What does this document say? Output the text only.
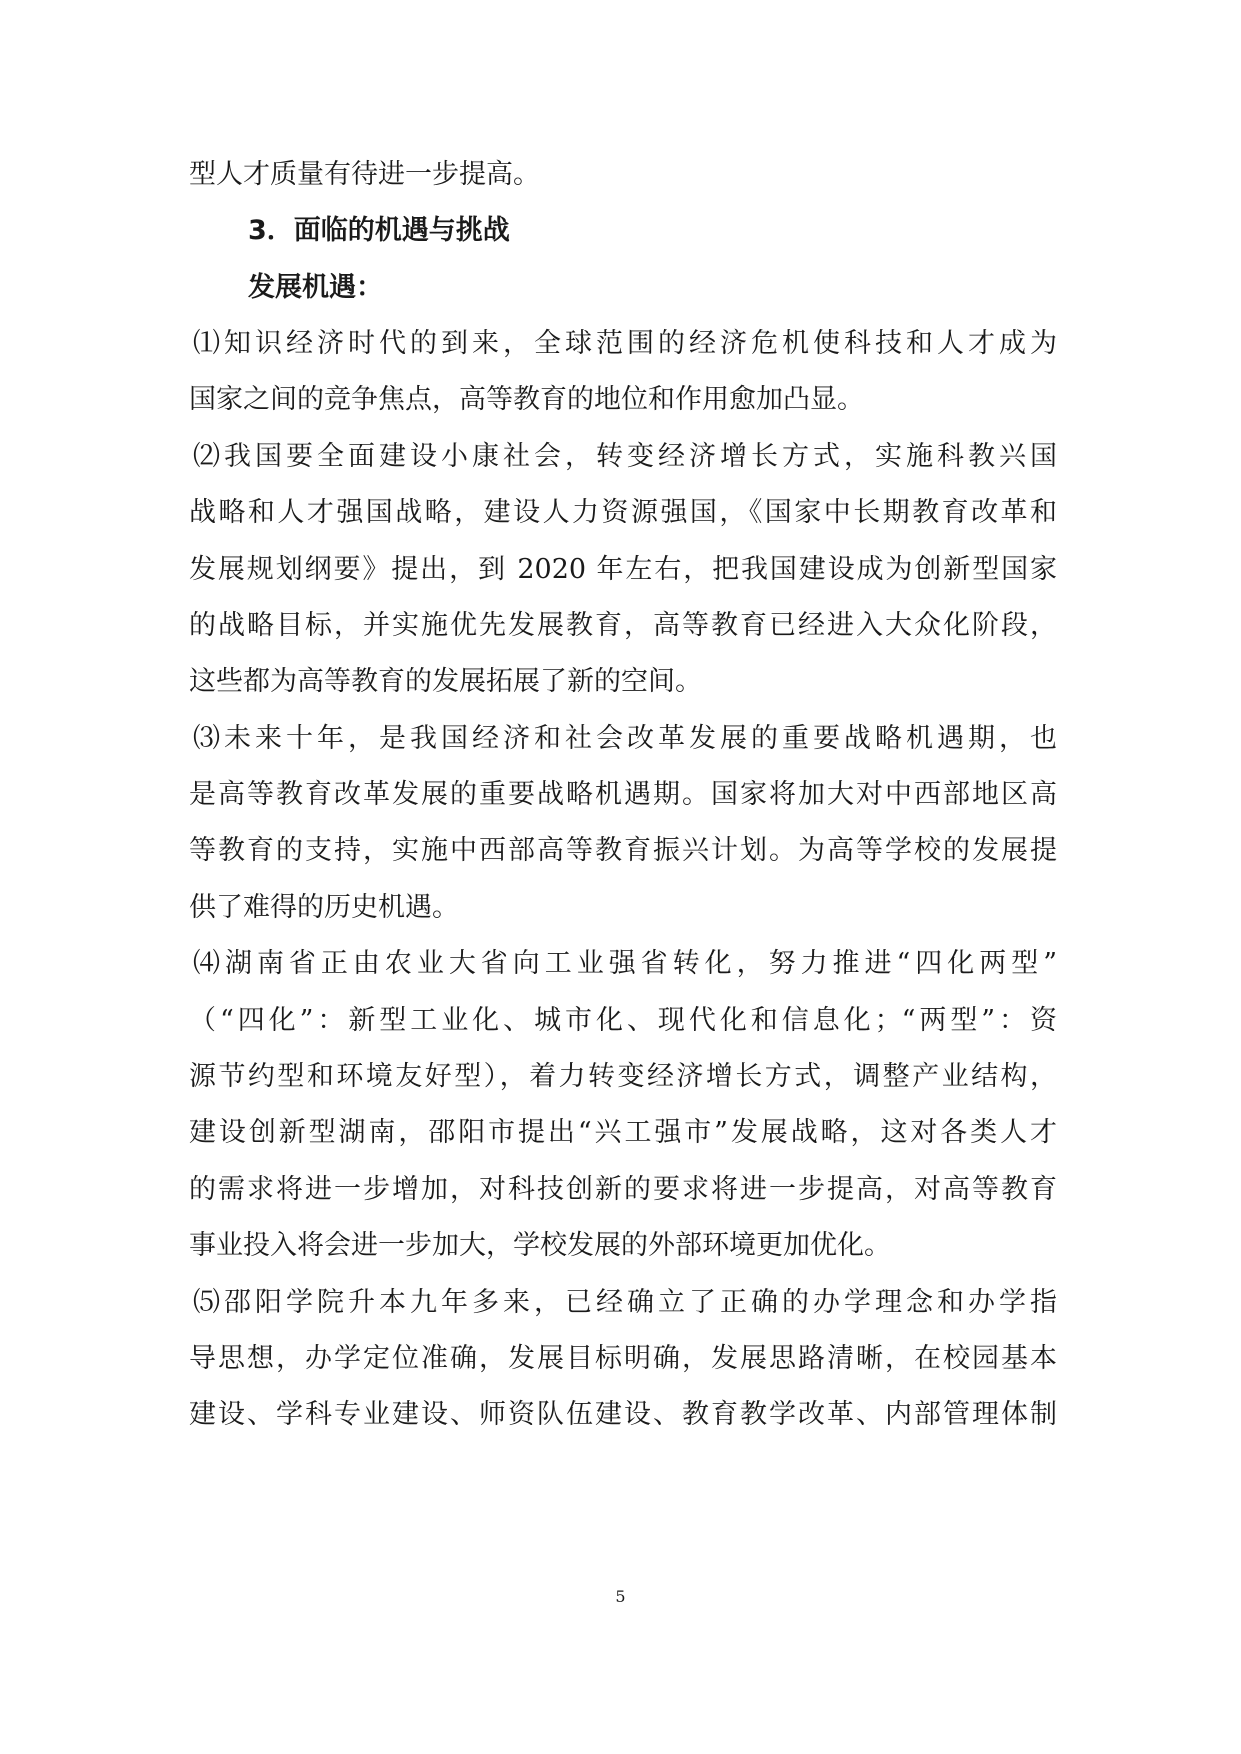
型人才质量有待进一步提高。
3．面临的机遇与挑战
发展机遇：
⑴知识经济时代的到来，全球范围的经济危机使科技和人才成为
国家之间的竞争焦点，高等教育的地位和作用愈加凸显。
⑵我国要全面建设小康社会，转变经济增长方式，实施科教兴国
战略和人才强国战略，建设人力资源强国，《国家中长期教育改革和
发展规划纲要》提出，到 2020 年左右，把我国建设成为创新型国家
的战略目标，并实施优先发展教育，高等教育已经进入大众化阶段，
这些都为高等教育的发展拓展了新的空间。
⑶未来十年，是我国经济和社会改革发展的重要战略机遇期，也
是高等教育改革发展的重要战略机遇期。国家将加大对中西部地区高
等教育的支持，实施中西部高等教育振兴计划。为高等学校的发展提
供了难得的历史机遇。
⑷湖南省正由农业大省向工业强省转化，努力推进“四化两型”
（“四化”：新型工业化、城市化、现代化和信息化；“两型”：资
源节约型和环境友好型），着力转变经济增长方式，调整产业结构，
建设创新型湖南，邵阳市提出“兴工强市”发展战略，这对各类人才
的需求将进一步增加，对科技创新的要求将进一步提高，对高等教育
事业投入将会进一步加大，学校发展的外部环境更加优化。
⑸邵阳学院升本九年多来，已经确立了正确的办学理念和办学指
导思想，办学定位准确，发展目标明确，发展思路清晰，在校园基本
建设、学科专业建设、师资队伍建设、教育教学改革、内部管理体制
5
